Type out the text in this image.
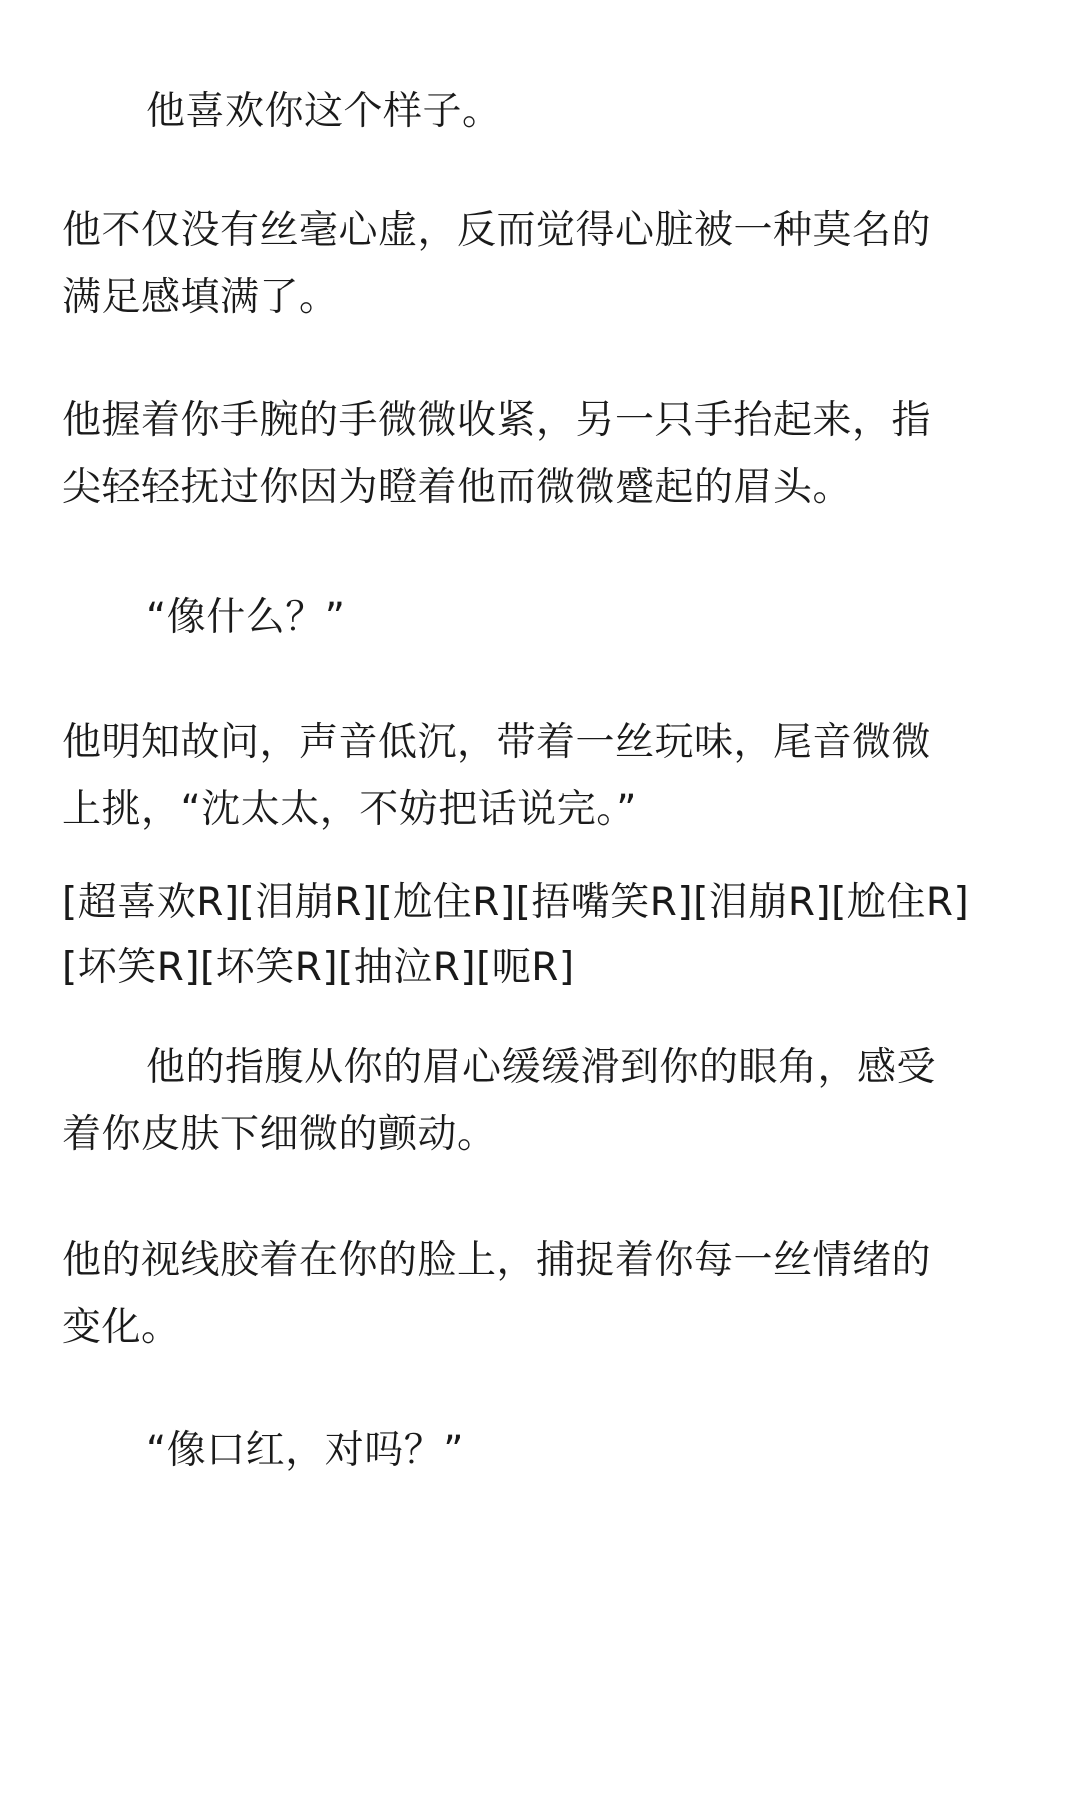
他喜欢你这个样子。
他不仅没有丝毫心虚，反而觉得心脏被一种莫名的
满足感填满了。
他握着你手腕的手微微收紧，另一只手抬起来，指
尖轻轻抚过你因为瞪着他而微微蹙起的眉头。
“像什么？”
他明知故问，声音低沉，带着一丝玩味，尾音微微
上挑，“沈太太，不妨把话说完。”
[超喜欢R][泪崩R][尬住R][捂嘴笑R][泪崩R][尬住R]
[坏笑R][坏笑R][抽泣R][呃R]
他的指腹从你的眉心缓缓滑到你的眼角，感受
着你皮肤下细微的颤动。
他的视线胶着在你的脸上，捕捉着你每一丝情绪的
变化。
“像口红，对吗？”
